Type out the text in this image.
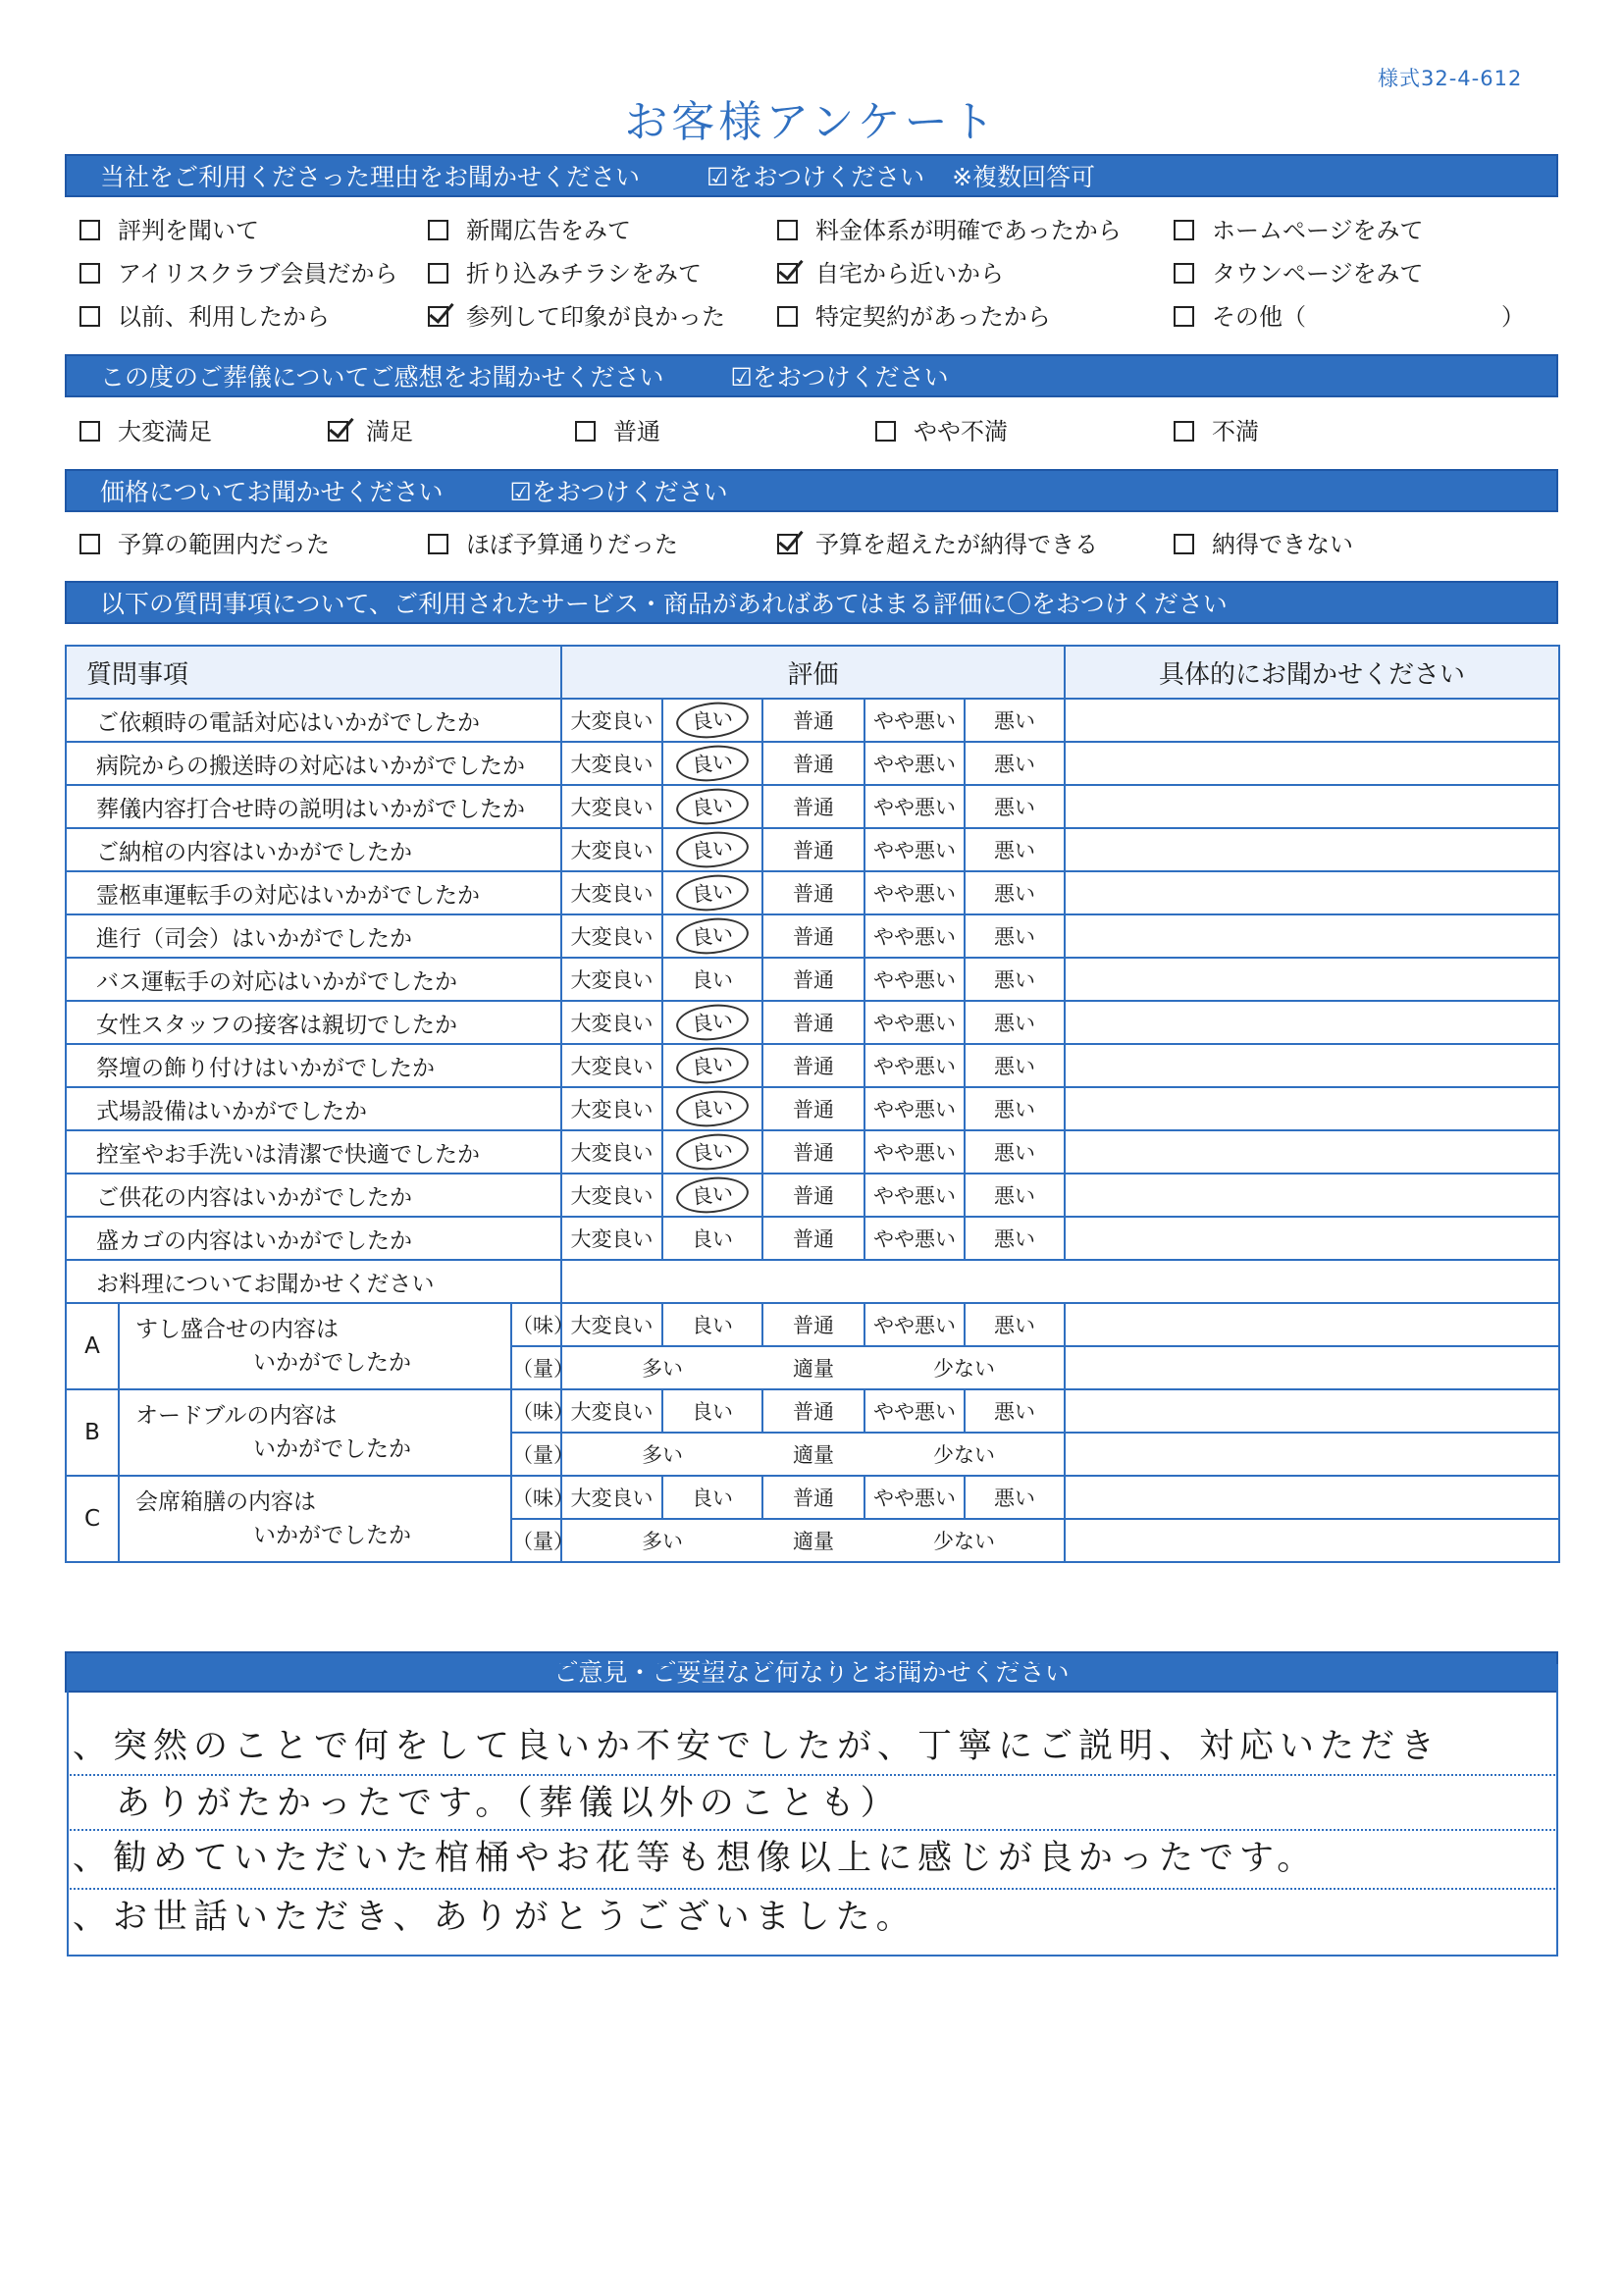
様式32-4-612
お客様アンケート
当社をご利用くださった理由をお聞かせください	☑をおつけください ※複数回答可
評判を聞いて	新聞広告をみて	料金体系が明確であったから	ホームページをみて
アイリスクラブ会員だから	折り込みチラシをみて	自宅から近いから	タウンページをみて
以前、利用したから	参列して印象が良かった	特定契約があったから	その他（	）
この度のご葬儀についてご感想をお聞かせください	☑をおつけください
大変満足	満足	普通	やや不満	不満
価格についてお聞かせください	☑をおつけください
予算の範囲内だった	ほぼ予算通りだった	予算を超えたが納得できる	納得できない
以下の質問事項について、ご利用されたサービス・商品があればあてはまる評価に〇をおつけください
質問事項			評価					具体的にお聞かせください
ご依頼時の電話対応はいかがでしたか			大変良い	良い	普通	やや悪い	悪い	
病院からの搬送時の対応はいかがでしたか			大変良い	良い	普通	やや悪い	悪い	
葬儀内容打合せ時の説明はいかがでしたか			大変良い	良い	普通	やや悪い	悪い	
ご納棺の内容はいかがでしたか			大変良い	良い	普通	やや悪い	悪い	
霊柩車運転手の対応はいかがでしたか			大変良い	良い	普通	やや悪い	悪い	
進行（司会）はいかがでしたか			大変良い	良い	普通	やや悪い	悪い	
バス運転手の対応はいかがでしたか			大変良い	良い	普通	やや悪い	悪い	
女性スタッフの接客は親切でしたか			大変良い	良い	普通	やや悪い	悪い	
祭壇の飾り付けはいかがでしたか			大変良い	良い	普通	やや悪い	悪い	
式場設備はいかがでしたか			大変良い	良い	普通	やや悪い	悪い	
控室やお手洗いは清潔で快適でしたか			大変良い	良い	普通	やや悪い	悪い	
ご供花の内容はいかがでしたか			大変良い	良い	普通	やや悪い	悪い	
盛カゴの内容はいかがでしたか			大変良い	良い	普通	やや悪い	悪い	
お料理についてお聞かせください								
A	すし盛合せの内容は
いかがでしたか	（味）	大変良い	良い	普通	やや悪い	悪い	
		（量）	多い		適量	少ない		
B	オードブルの内容は
いかがでしたか	（味）	大変良い	良い	普通	やや悪い	悪い	
		（量）	多い		適量	少ない		
C	会席箱膳の内容は
いかがでしたか	（味）	大変良い	良い	普通	やや悪い	悪い	
		（量）	多い		適量	少ない		
ご意見・ご要望など何なりとお聞かせください
、突然のことで何をして良いか不安でしたが、丁寧にご説明、対応いただき
ありがたかったです。（葬儀以外のことも）
、勧めていただいた棺桶やお花等も想像以上に感じが良かったです。
、お世話いただき、ありがとうございました。
